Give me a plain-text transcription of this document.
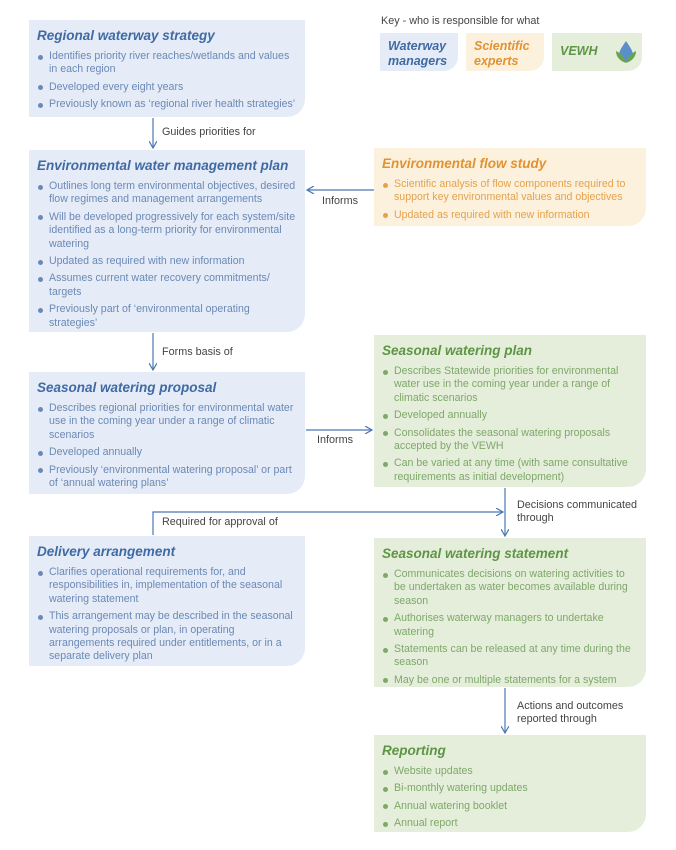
Key - who is responsible for what
Waterway managers
Scientific experts
VEWH
Regional waterway strategy
Identifies priority river reaches/wetlands and values in each region
Developed every eight years
Previously known as ‘regional river health strategies’
Environmental water management plan
Outlines long term environmental objectives, desired flow regimes and management arrangements
Will be developed progressively for each system/site identified as a long-term priority for environmental watering
Updated as required with new information
Assumes current water recovery commitments/ targets
Previously part of ‘environmental operating strategies’
Environmental flow study
Scientific analysis of flow components required to support key environmental values and objectives
Updated as required with new information
Seasonal watering proposal
Describes regional priorities for environmental water use in the coming year under a range of climatic scenarios
Developed annually
Previously ‘environmental watering proposal’ or part of ‘annual watering plans’
Seasonal watering plan
Describes Statewide priorities for environmental water use in the coming year under a range of climatic scenarios
Developed annually
Consolidates the seasonal watering proposals accepted by the VEWH
Can be varied at any time (with same consultative requirements as initial development)
Delivery arrangement
Clarifies operational requirements for, and responsibilities in, implementation of the seasonal watering statement
This arrangement may be described in the seasonal watering proposals or plan, in operating arrangements required under entitlements, or in a separate delivery plan
Seasonal watering statement
Communicates decisions on watering activities to be undertaken as water becomes available during season
Authorises waterway managers to undertake watering
Statements can be released at any time during the season
May be one or multiple statements for a system
Reporting
Website updates
Bi-monthly watering updates
Annual watering booklet
Annual report
Guides priorities for
Informs
Forms basis of
Informs
Required for approval of
Decisions communicated through
Actions and outcomes reported through
